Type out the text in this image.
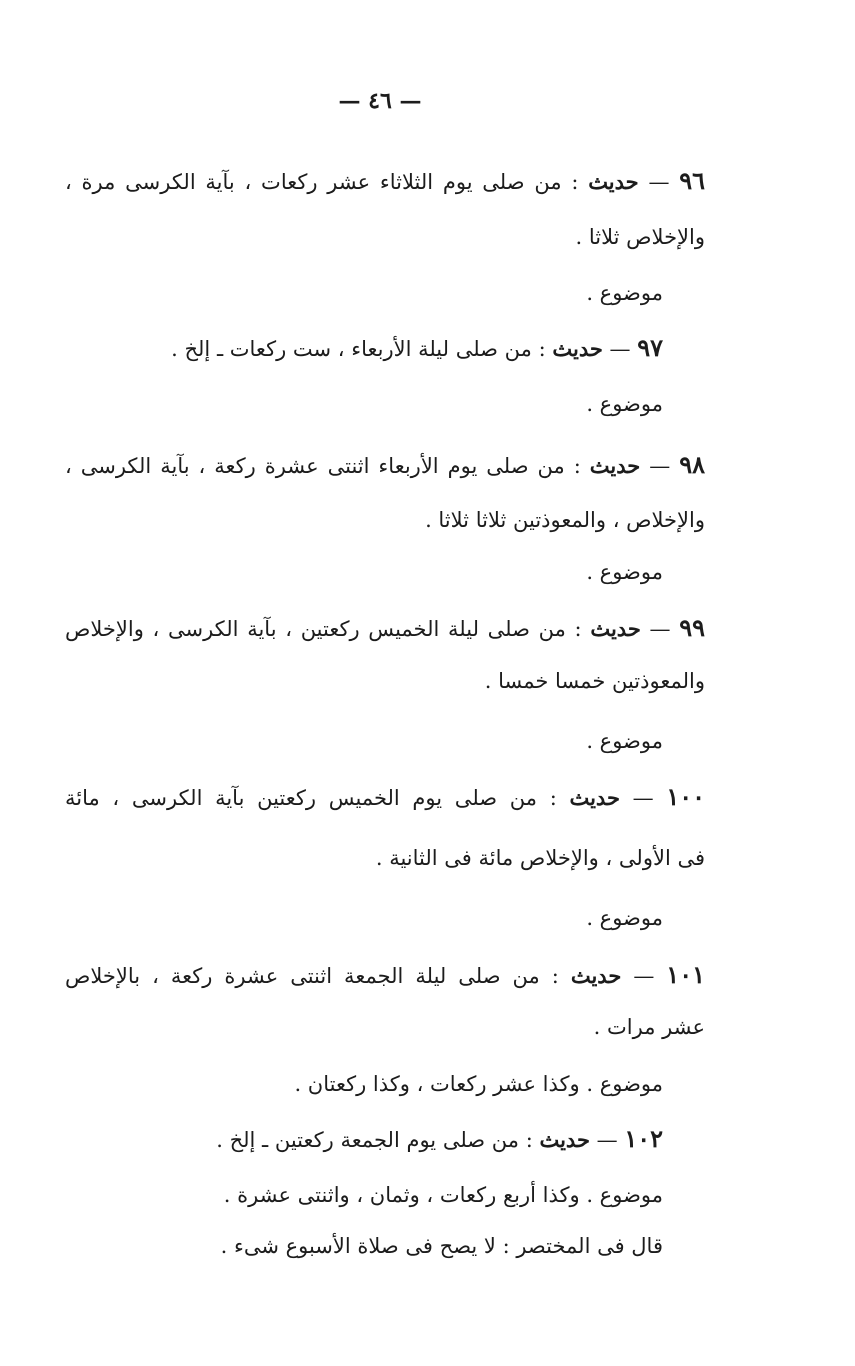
— ٤٦ —
٩٦ — حديث : من صلى يوم الثلاثاء عشر ركعات ، بآية الكرسى مرة ،
والإخلاص ثلاثا .
موضوع .
٩٧ — حديث : من صلى ليلة الأربعاء ، ست ركعات ـ إلخ .
موضوع .
٩٨ — حديث : من صلى يوم الأربعاء اثنتى عشرة ركعة ، بآية الكرسى ،
والإخلاص ، والمعوذتين ثلاثا ثلاثا .
موضوع .
٩٩ — حديث : من صلى ليلة الخميس ركعتين ، بآية الكرسى ، والإخلاص
والمعوذتين خمسا خمسا .
موضوع .
١٠٠ — حديث : من صلى يوم الخميس ركعتين بآية الكرسى ، مائة
فى الأولى ، والإخلاص مائة فى الثانية .
موضوع .
١٠١ — حديث : من صلى ليلة الجمعة اثنتى عشرة ركعة ، بالإخلاص
عشر مرات .
موضوع . وكذا عشر ركعات ، وكذا ركعتان .
١٠٢ — حديث : من صلى يوم الجمعة ركعتين ـ إلخ .
موضوع . وكذا أربع ركعات ، وثمان ، واثنتى عشرة .
قال فى المختصر : لا يصح فى صلاة الأسبوع شىء .
